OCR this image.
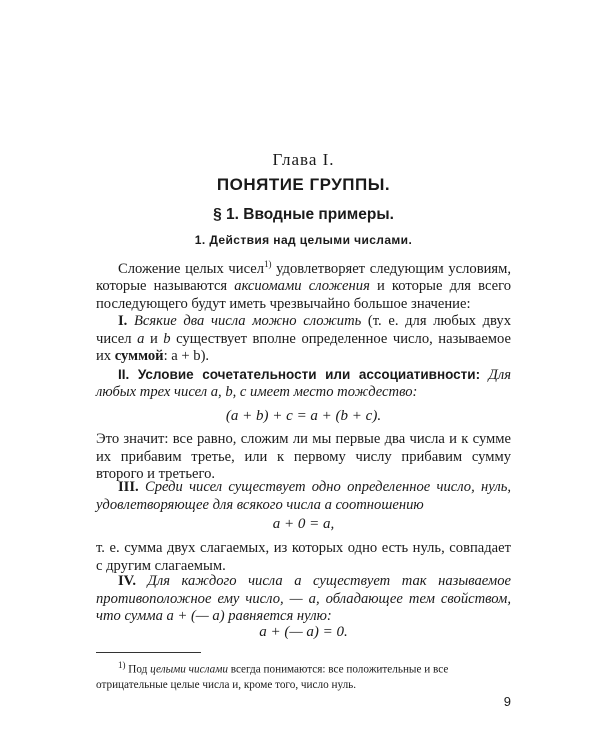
Глава I.
ПОНЯТИЕ ГРУППЫ.
§ 1. Вводные примеры.
1. Действия над целыми числами.
Сложение целых чисел$^{1)}$ удовлетворяет следующим условиям, которые называются аксиомами сложения и которые для всего последующего будут иметь чрезвычайно большое значение:
I. Всякие два числа можно сложить (т. е. для любых двух чисел a и b существует вполне определенное число, называемое их суммой: a + b).
II. Условие сочетательности или ассоциативности: Для любых трех чисел a, b, c имеет место тождество:
(a + b) + c = a + (b + c).
Это значит: все равно, сложим ли мы первые два числа и к сумме их прибавим третье, или к первому числу прибавим сумму второго и третьего.
III. Среди чисел существует одно определенное число, нуль, удовлетворяющее для всякого числа a соотношению
a + 0 = a,
т. е. сумма двух слагаемых, из которых одно есть нуль, совпадает с другим слагаемым.
IV. Для каждого числа a существует так называемое противоположное ему число, — a, обладающее тем свойством, что сумма a + (— a) равняется нулю:
a + (— a) = 0.
$^{1)}$ Под целыми числами всегда понимаются: все положительные и все отрицательные целые числа и, кроме того, число нуль.
9
